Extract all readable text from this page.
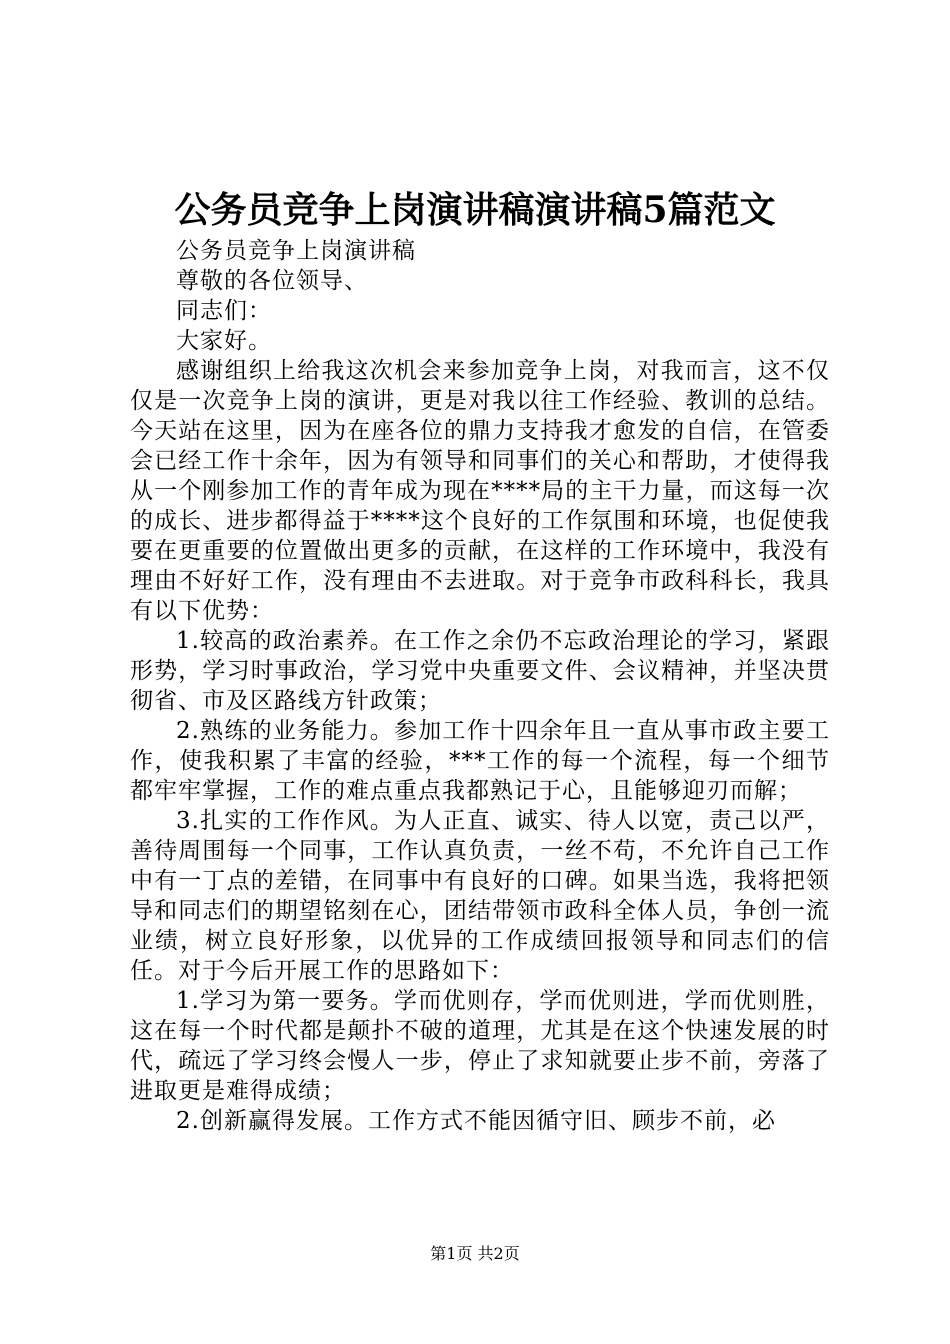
公务员竞争上岗演讲稿演讲稿5篇范文

公务员竞争上岗演讲稿

尊敬的各位领导、

同志们：

大家好。

感谢组织上给我这次机会来参加竞争上岗，对我而言，这不仅仅是一次竞争上岗的演讲，更是对我以往工作经验、教训的总结。今天站在这里，因为在座各位的鼎力支持我才愈发的自信，在管委会已经工作十余年，因为有领导和同事们的关心和帮助，才使得我从一个刚参加工作的青年成为现在****局的主干力量，而这每一次的成长、进步都得益于****这个良好的工作氛围和环境，也促使我要在更重要的位置做出更多的贡献，在这样的工作环境中，我没有理由不好好工作，没有理由不去进取。对于竞争市政科科长，我具有以下优势：

1.较高的政治素养。在工作之余仍不忘政治理论的学习，紧跟形势，学习时事政治，学习党中央重要文件、会议精神，并坚决贯彻省、市及区路线方针政策；

2.熟练的业务能力。参加工作十四余年且一直从事市政主要工作，使我积累了丰富的经验，***工作的每一个流程，每一个细节都牢牢掌握，工作的难点重点我都熟记于心，且能够迎刃而解；

3.扎实的工作作风。为人正直、诚实、待人以宽，责己以严，善待周围每一个同事，工作认真负责，一丝不苟，不允许自己工作中有一丁点的差错，在同事中有良好的口碑。如果当选，我将把领导和同志们的期望铭刻在心，团结带领市政科全体人员，争创一流业绩，树立良好形象，以优异的工作成绩回报领导和同志们的信任。对于今后开展工作的思路如下：

1.学习为第一要务。学而优则存，学而优则进，学而优则胜，这在每一个时代都是颠扑不破的道理，尤其是在这个快速发展的时代，疏远了学习终会慢人一步，停止了求知就要止步不前，旁落了进取更是难得成绩；

2.创新赢得发展。工作方式不能因循守旧、顾步不前，必

第1页 共2页
